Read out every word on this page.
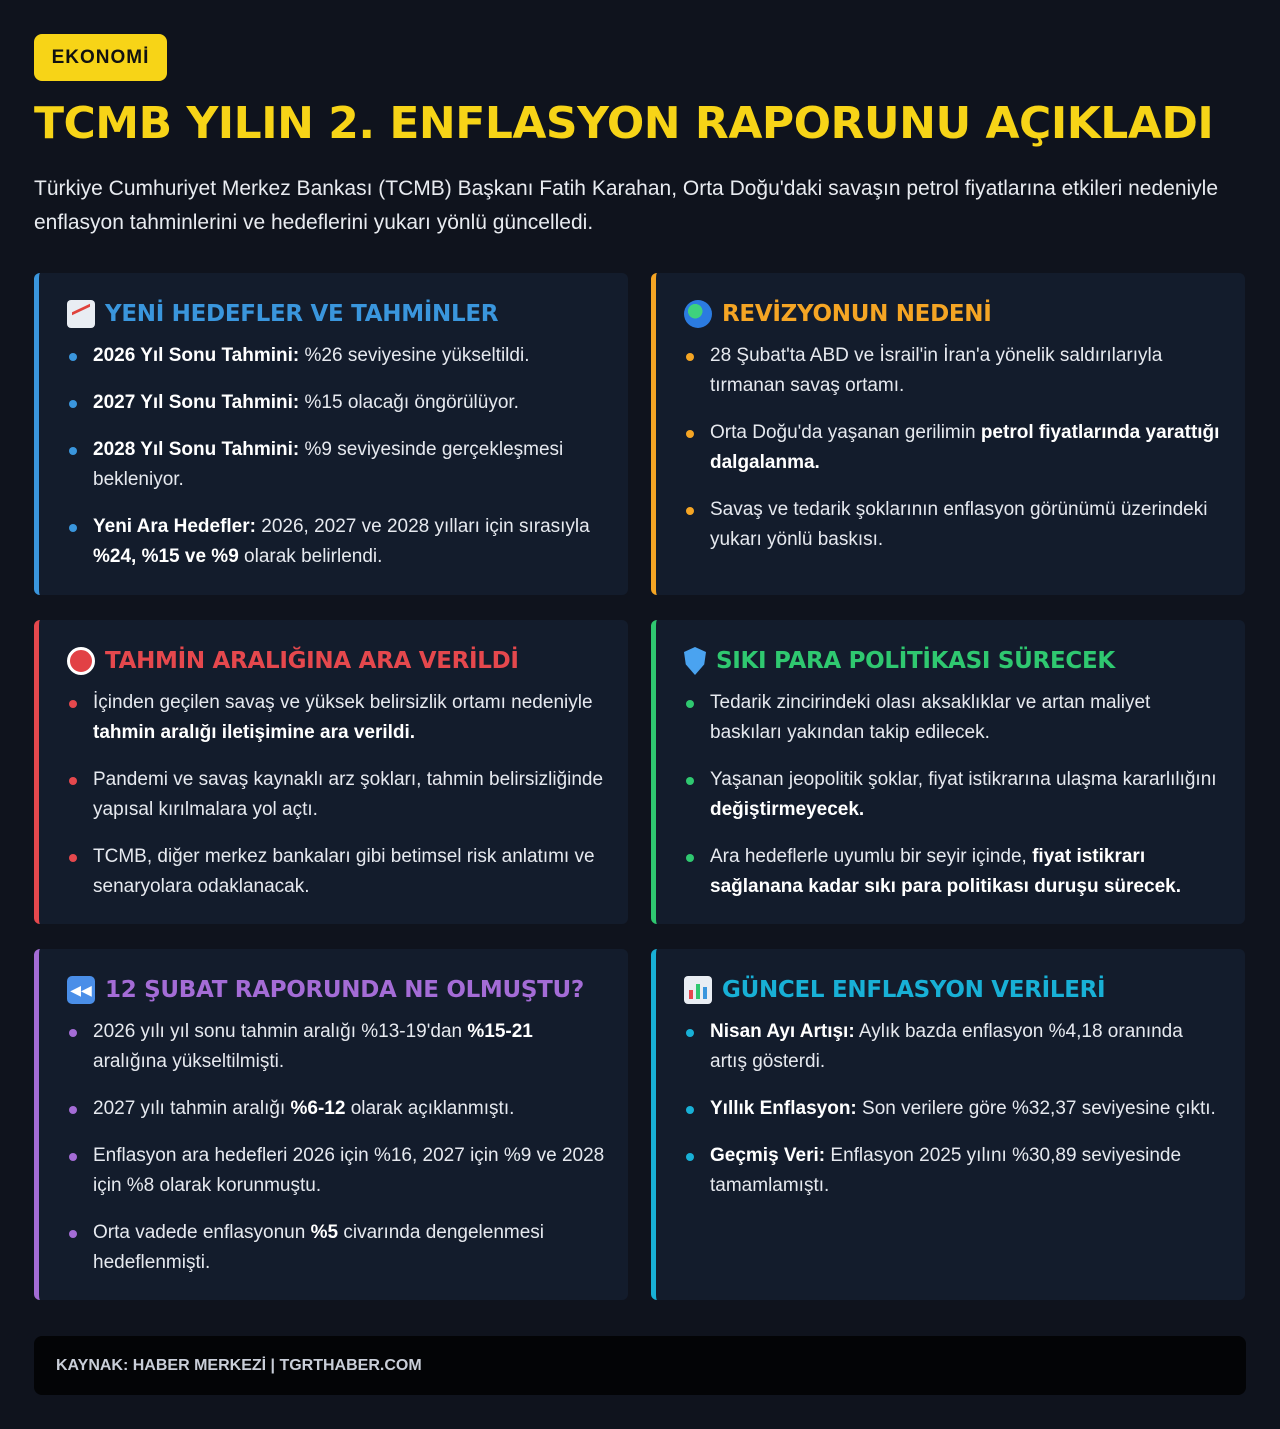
EKONOMİ
TCMB YILIN 2. ENFLASYON RAPORUNU AÇIKLADI

Türkiye Cumhuriyet Merkez Bankası (TCMB) Başkanı Fatih Karahan, Orta Doğu'daki savaşın petrol fiyatlarına etkileri nedeniyle enflasyon tahminlerini ve hedeflerini yukarı yönlü güncelledi.

YENİ HEDEFLER VE TAHMİNLER
2026 Yıl Sonu Tahmini: %26 seviyesine yükseltildi.
2027 Yıl Sonu Tahmini: %15 olacağı öngörülüyor.
2028 Yıl Sonu Tahmini: %9 seviyesinde gerçekleşmesi bekleniyor.
Yeni Ara Hedefler: 2026, 2027 ve 2028 yılları için sırasıyla %24, %15 ve %9 olarak belirlendi.
REVİZYONUN NEDENİ
28 Şubat'ta ABD ve İsrail'in İran'a yönelik saldırılarıyla tırmanan savaş ortamı.
Orta Doğu'da yaşanan gerilimin petrol fiyatlarında yarattığı dalgalanma.
Savaş ve tedarik şoklarının enflasyon görünümü üzerindeki yukarı yönlü baskısı.
TAHMİN ARALIĞINA ARA VERİLDİ
İçinden geçilen savaş ve yüksek belirsizlik ortamı nedeniyle tahmin aralığı iletişimine ara verildi.
Pandemi ve savaş kaynaklı arz şokları, tahmin belirsizliğinde yapısal kırılmalara yol açtı.
TCMB, diğer merkez bankaları gibi betimsel risk anlatımı ve senaryolara odaklanacak.
SIKI PARA POLİTİKASI SÜRECEK
Tedarik zincirindeki olası aksaklıklar ve artan maliyet baskıları yakından takip edilecek.
Yaşanan jeopolitik şoklar, fiyat istikrarına ulaşma kararlılığını değiştirmeyecek.
Ara hedeflerle uyumlu bir seyir içinde, fiyat istikrarı sağlanana kadar sıkı para politikası duruşu sürecek.
◀◀ 12 ŞUBAT RAPORUNDA NE OLMUŞTU?
2026 yılı yıl sonu tahmin aralığı %13-19'dan %15-21 aralığına yükseltilmişti.
2027 yılı tahmin aralığı %6-12 olarak açıklanmıştı.
Enflasyon ara hedefleri 2026 için %16, 2027 için %9 ve 2028 için %8 olarak korunmuştu.
Orta vadede enflasyonun %5 civarında dengelenmesi hedeflenmişti.
GÜNCEL ENFLASYON VERİLERİ
Nisan Ayı Artışı: Aylık bazda enflasyon %4,18 oranında artış gösterdi.
Yıllık Enflasyon: Son verilere göre %32,37 seviyesine çıktı.
Geçmiş Veri: Enflasyon 2025 yılını %30,89 seviyesinde tamamlamıştı.
KAYNAK: HABER MERKEZİ | TGRTHABER.COM
